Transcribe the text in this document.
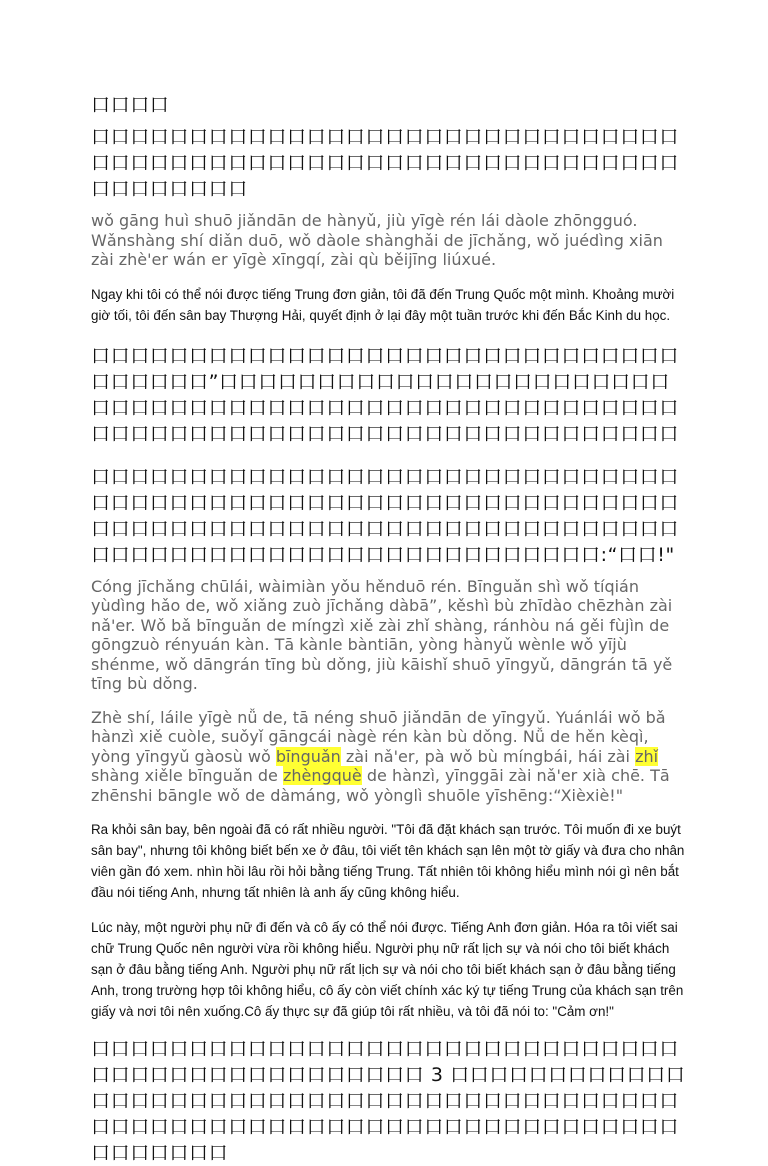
口口口口

口口口口口口口口口口口口口口口口口口口口口口口口口口口口口口口口口口口口口口口口口口口口口口口口口口口口口口口口口口口口口口口口口口口口

wǒ gāng huì shuō jiǎndān de hànyǔ, jiù yīgè rén lái dàole zhōngguó. Wǎnshàng shí diǎn duō, wǒ dàole shànghǎi de jīchǎng, wǒ juédìng xiān zài zhè'er wán er yīgè xīngqí, zài qù běijīng liúxué.

Ngay khi tôi có thể nói được tiếng Trung đơn giản, tôi đã đến Trung Quốc một mình. Khoảng mười giờ tối, tôi đến sân bay Thượng Hải, quyết định ở lại đây một tuần trước khi đến Bắc Kinh du học.

口口口口口口口口口口口口口口口口口口口口口口口口口口口口口口口口口口口口”口口口口口口口口口口口口口口口口口口口口口口口口口口口口口口口口口口口口口口口口口口口口口口口口口口口口口口口口口口口口口口口口口口口口口口口口口口口口口口口口口口口

口口口口口口口口口口口口口口口口口口口口口口口口口口口口口口口口口口口口口口口口口口口口口口口口口口口口口口口口口口口口口口口口口口口口口口口口口口口口口口口口口口口口口口口口口口口口口口口口口口口口口口口口口口口口口口口口口口口口:“口口!"

Cóng jīchǎng chūlái, wàimiàn yǒu hěnduō rén. Bīnguǎn shì wǒ tíqián yùdìng hǎo de, wǒ xiǎng zuò jīchǎng dàbā”, kěshì bù zhīdào chēzhàn zài nǎ'er. Wǒ bǎ bīnguǎn de míngzì xiě zài zhǐ shàng, ránhòu ná gěi fùjìn de gōngzuò rényuán kàn. Tā kànle bàntiān, yòng hànyǔ wènle wǒ yījù shénme, wǒ dāngrán tīng bù dǒng, jiù kāishǐ shuō yīngyǔ, dāngrán tā yě tīng bù dǒng.

Zhè shí, láile yīgè nǚ de, tā néng shuō jiǎndān de yīngyǔ. Yuánlái wǒ bǎ hànzì xiě cuòle, suǒyǐ gāngcái nàgè rén kàn bù dǒng. Nǚ de hěn kèqì, yòng yīngyǔ gàosù wǒ bīnguǎn zài nǎ'er, pà wǒ bù míngbái, hái zài zhǐ shàng xiěle bīnguǎn de zhèngquè de hànzì, yīnggāi zài nǎ'er xià chē. Tā zhēnshi bāngle wǒ de dàmáng, wǒ yònglì shuōle yīshēng:“Xièxiè!"

Ra khỏi sân bay, bên ngoài đã có rất nhiều người. "Tôi đã đặt khách sạn trước. Tôi muốn đi xe buýt sân bay", nhưng tôi không biết bến xe ở đâu, tôi viết tên khách sạn lên một tờ giấy và đưa cho nhân viên gần đó xem. nhìn hồi lâu rồi hỏi bằng tiếng Trung. Tất nhiên tôi không hiểu mình nói gì nên bắt đầu nói tiếng Anh, nhưng tất nhiên là anh ấy cũng không hiểu.

Lúc này, một người phụ nữ đi đến và cô ấy có thể nói được. Tiếng Anh đơn giản. Hóa ra tôi viết sai chữ Trung Quốc nên người vừa rồi không hiểu. Người phụ nữ rất lịch sự và nói cho tôi biết khách sạn ở đâu bằng tiếng Anh. Người phụ nữ rất lịch sự và nói cho tôi biết khách sạn ở đâu bằng tiếng Anh, trong trường hợp tôi không hiểu, cô ấy còn viết chính xác ký tự tiếng Trung của khách sạn trên giấy và nơi tôi nên xuống.Cô ấy thực sự đã giúp tôi rất nhiều, và tôi đã nói to: "Cảm ơn!"

口口口口口口口口口口口口口口口口口口口口口口口口口口口口口口口口口口口口口口口口口口口口口口口 3 口口口口口口口口口口口口口口口口口口口口口口口口口口口口口口口口口口口口口口口口口口口口口口口口口口口口口口口口口口口口口口口口口口口口口口口口口口口口口口口
